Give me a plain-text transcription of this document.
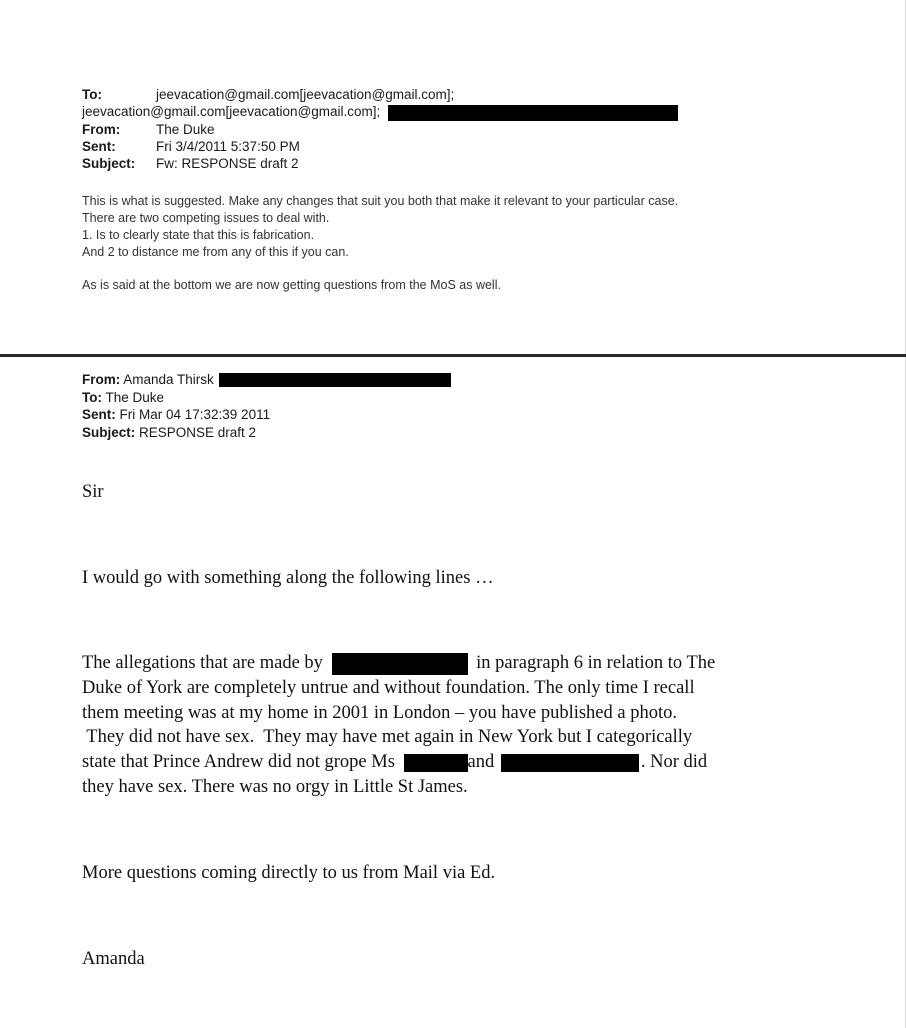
To:	jeevacation@gmail.com[jeevacation@gmail.com];
jeevacation@gmail.com[jeevacation@gmail.com];
From:	The Duke
Sent:	Fri 3/4/2011 5:37:50 PM
Subject: Fw: RESPONSE draft 2
This is what is suggested. Make any changes that suit you both that make it relevant to your particular case.
There are two competing issues to deal with.
1. Is to clearly state that this is fabrication.
And 2 to distance me from any of this if you can.
As is said at the bottom we are now getting questions from the MoS as well.
From: Amanda Thirsk
To: The Duke
Sent: Fri Mar 04 17:32:39 2011
Subject: RESPONSE draft 2
Sir
I would go with something along the following lines …
The allegations that are made by	in paragraph 6 in relation to The
Duke of York are completely untrue and without foundation. The only time I recall
them meeting was at my home in 2001 in London – you have published a photo.
They did not have sex.  They may have met again in New York but I categorically
state that Prince Andrew did not grope Ms	and	. Nor did
they have sex. There was no orgy in Little St James.
More questions coming directly to us from Mail via Ed.
Amanda
